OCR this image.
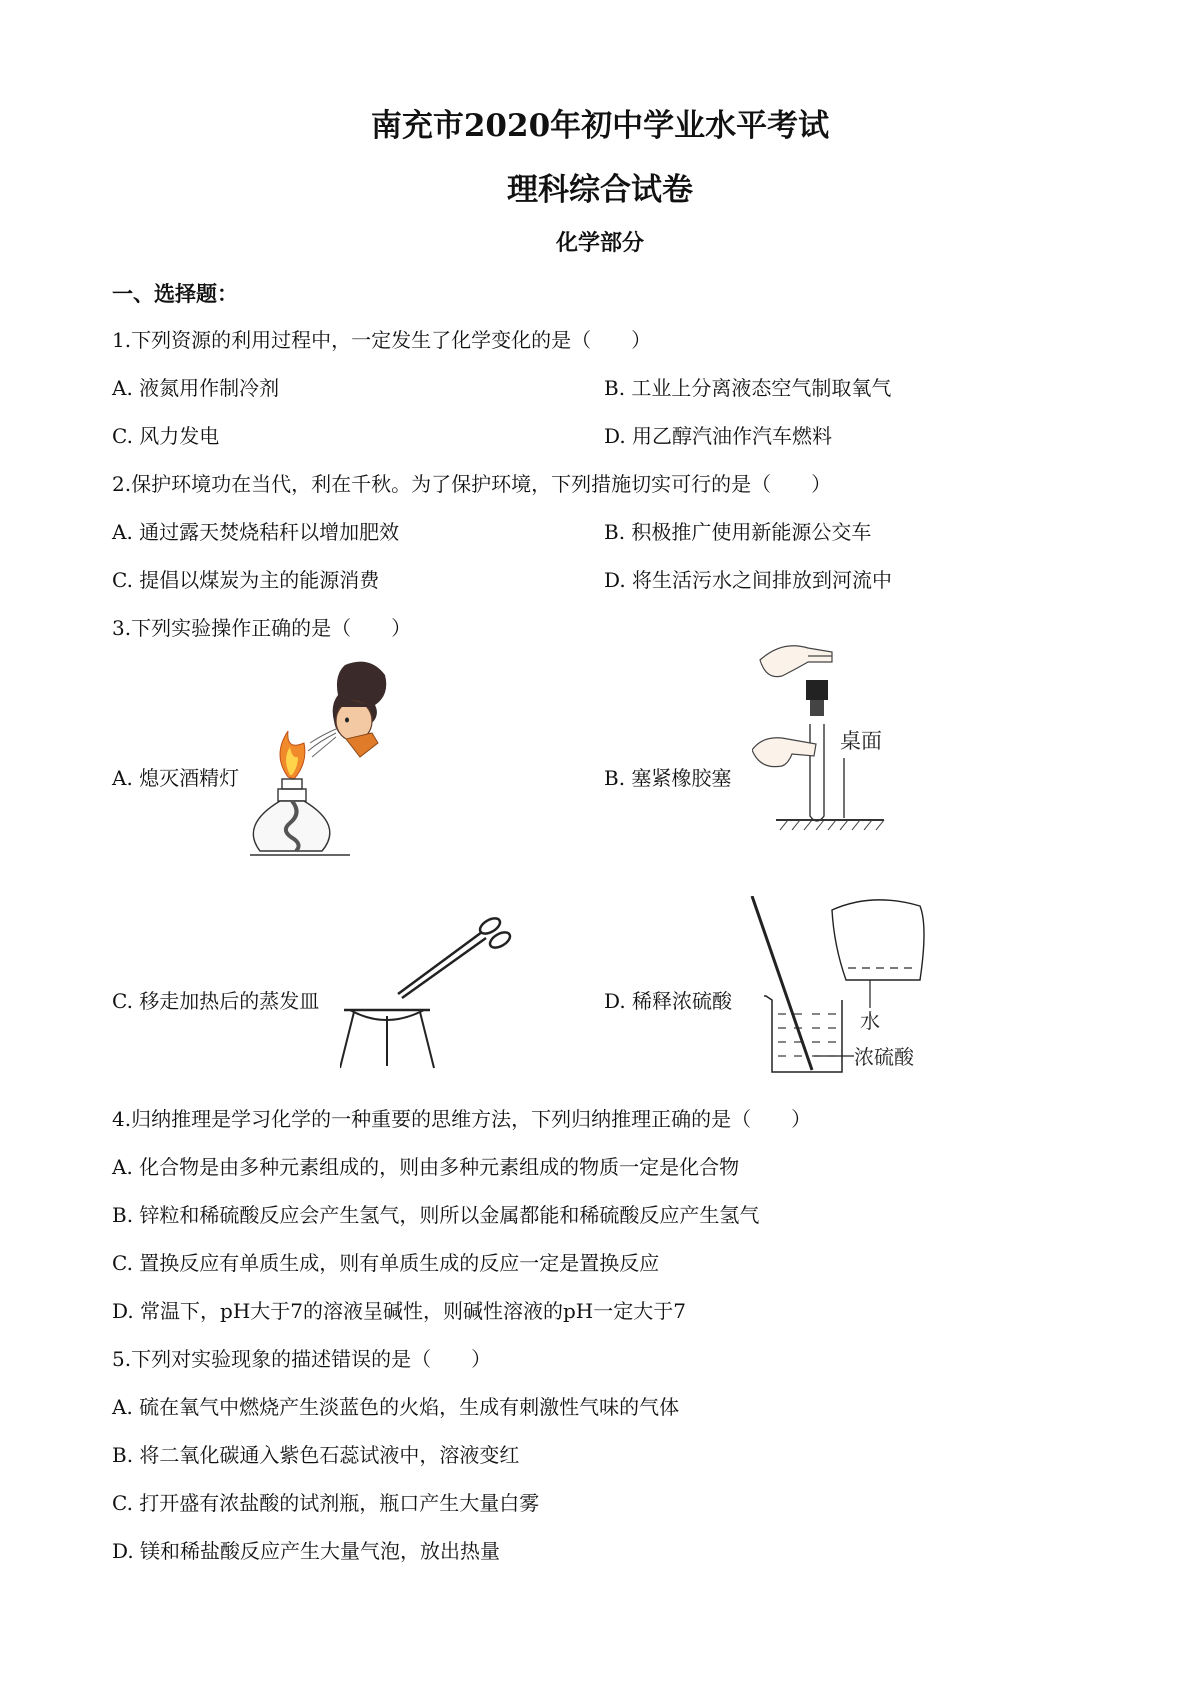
南充市2020年初中学业水平考试
理科综合试卷
化学部分
一、选择题：
1.下列资源的利用过程中，一定发生了化学变化的是（　　）
A. 液氮用作制冷剂	B. 工业上分离液态空气制取氧气
C. 风力发电	D. 用乙醇汽油作汽车燃料
2.保护环境功在当代，利在千秋。为了保护环境，下列措施切实可行的是（　　）
A. 通过露天焚烧秸秆以增加肥效	B. 积极推广使用新能源公交车
C. 提倡以煤炭为主的能源消费	D. 将生活污水之间排放到河流中
3.下列实验操作正确的是（　　）
A. 熄灭酒精灯	B. 塞紧橡胶塞
C. 移走加热后的蒸发皿	D. 稀释浓硫酸
桌面
水
浓硫酸
4.归纳推理是学习化学的一种重要的思维方法，下列归纳推理正确的是（　　）
A. 化合物是由多种元素组成的，则由多种元素组成的物质一定是化合物
B. 锌粒和稀硫酸反应会产生氢气，则所以金属都能和稀硫酸反应产生氢气
C. 置换反应有单质生成，则有单质生成的反应一定是置换反应
D. 常温下，pH大于7的溶液呈碱性，则碱性溶液的pH一定大于7
5.下列对实验现象的描述错误的是（　　）
A. 硫在氧气中燃烧产生淡蓝色的火焰，生成有刺激性气味的气体
B. 将二氧化碳通入紫色石蕊试液中，溶液变红
C. 打开盛有浓盐酸的试剂瓶，瓶口产生大量白雾
D. 镁和稀盐酸反应产生大量气泡，放出热量
